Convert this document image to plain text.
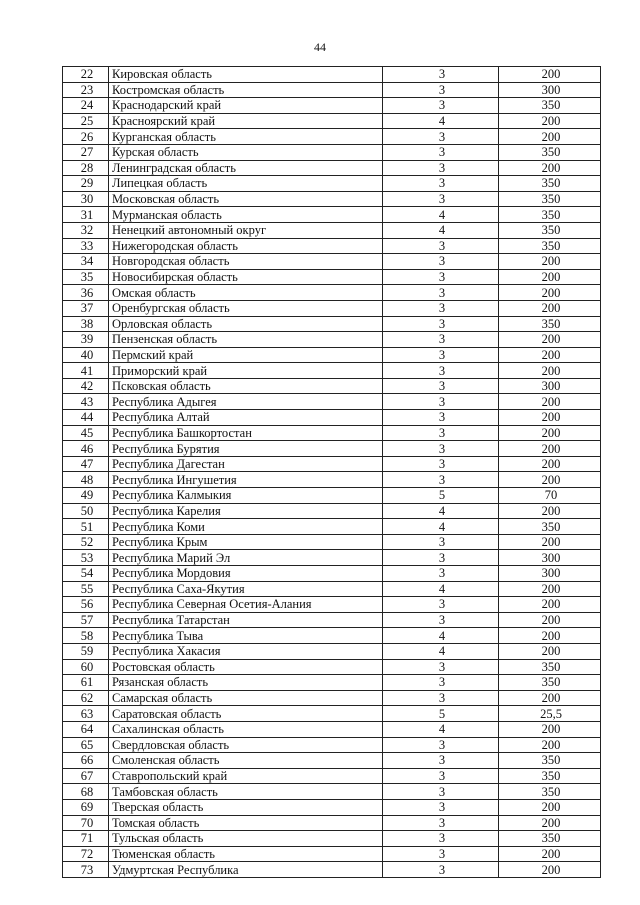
44
22	Кировская область	3	200
23	Костромская область	3	300
24	Краснодарский край	3	350
25	Красноярский край	4	200
26	Курганская область	3	200
27	Курская область	3	350
28	Ленинградская область	3	200
29	Липецкая область	3	350
30	Московская область	3	350
31	Мурманская область	4	350
32	Ненецкий автономный округ	4	350
33	Нижегородская область	3	350
34	Новгородская область	3	200
35	Новосибирская область	3	200
36	Омская область	3	200
37	Оренбургская область	3	200
38	Орловская область	3	350
39	Пензенская область	3	200
40	Пермский край	3	200
41	Приморский край	3	200
42	Псковская область	3	300
43	Республика Адыгея	3	200
44	Республика Алтай	3	200
45	Республика Башкортостан	3	200
46	Республика Бурятия	3	200
47	Республика Дагестан	3	200
48	Республика Ингушетия	3	200
49	Республика Калмыкия	5	70
50	Республика Карелия	4	200
51	Республика Коми	4	350
52	Республика Крым	3	200
53	Республика Марий Эл	3	300
54	Республика Мордовия	3	300
55	Республика Саха-Якутия	4	200
56	Республика Северная Осетия-Алания	3	200
57	Республика Татарстан	3	200
58	Республика Тыва	4	200
59	Республика Хакасия	4	200
60	Ростовская область	3	350
61	Рязанская область	3	350
62	Самарская область	3	200
63	Саратовская область	5	25,5
64	Сахалинская область	4	200
65	Свердловская область	3	200
66	Смоленская область	3	350
67	Ставропольский край	3	350
68	Тамбовская область	3	350
69	Тверская область	3	200
70	Томская область	3	200
71	Тульская область	3	350
72	Тюменская область	3	200
73	Удмуртская Республика	3	200
